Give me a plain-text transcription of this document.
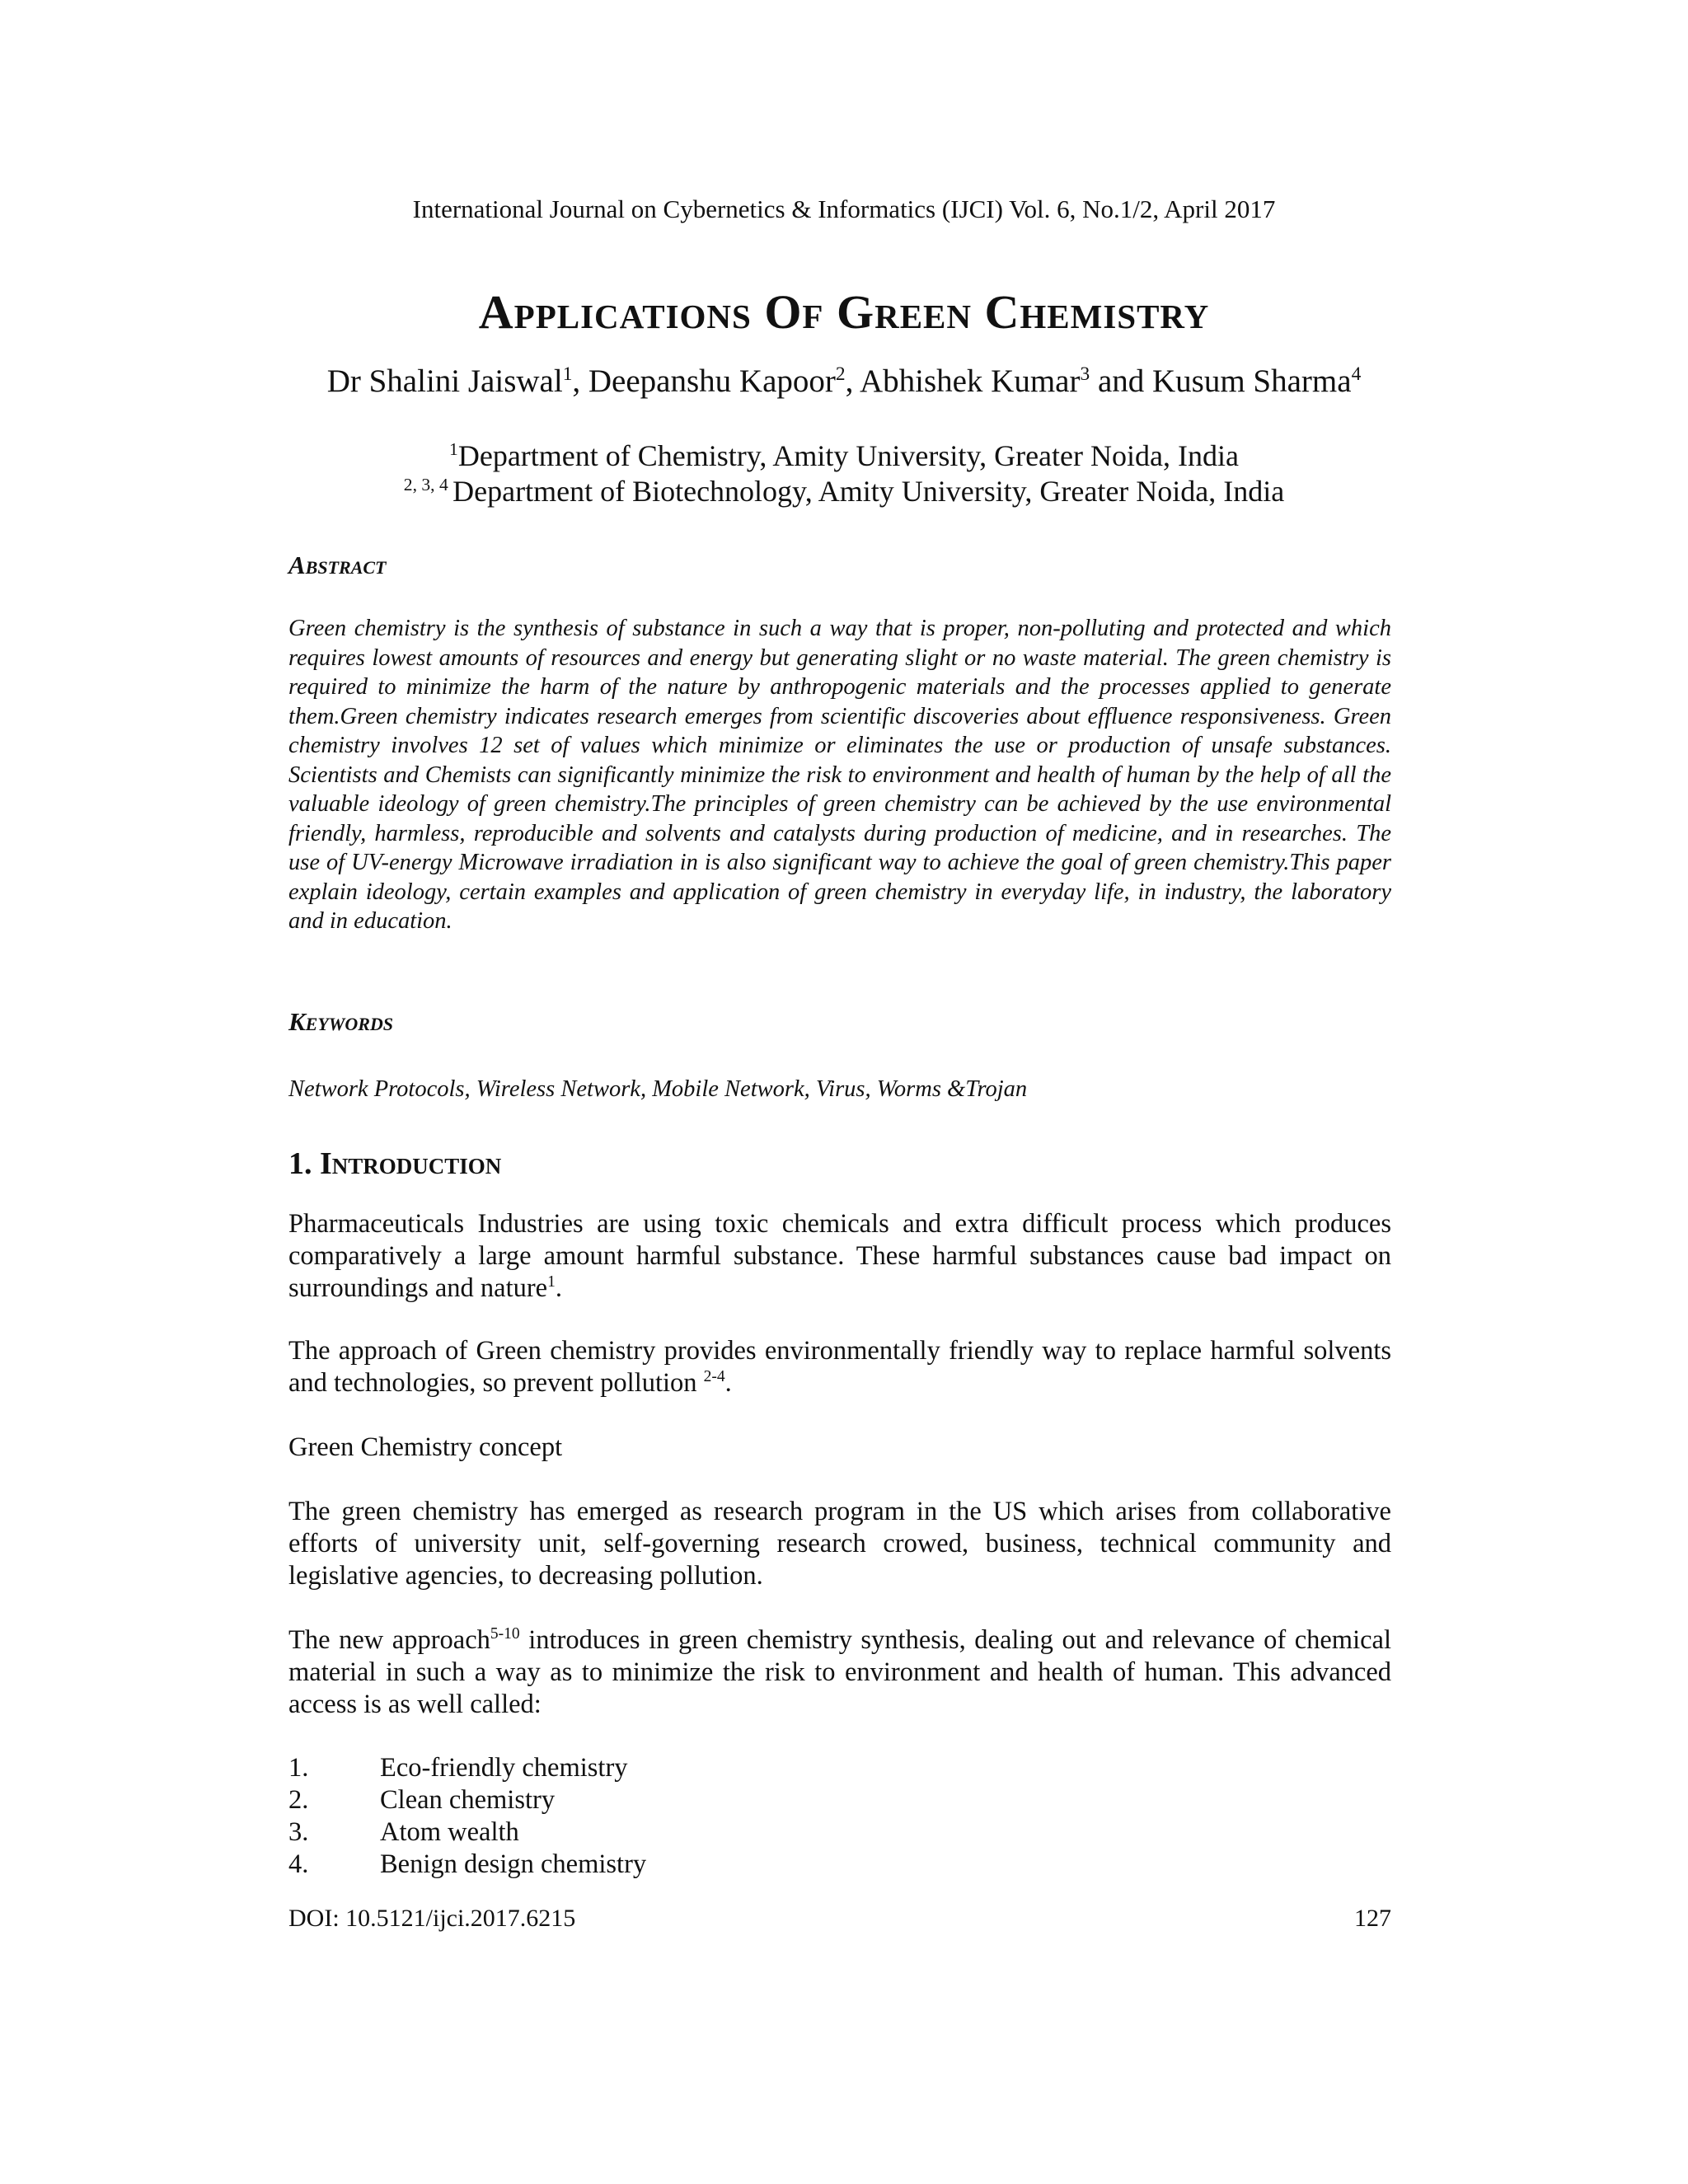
International Journal on Cybernetics & Informatics (IJCI) Vol. 6, No.1/2, April 2017
Applications Of Green Chemistry
Dr Shalini Jaiswal$^1$, Deepanshu Kapoor$^2$, Abhishek Kumar$^3$ and Kusum Sharma$^4$
$^1$Department of Chemistry, Amity University, Greater Noida, India
$^{2, 3, 4}$ Department of Biotechnology, Amity University, Greater Noida, India
Abstract
Green chemistry is the synthesis of substance in such a way that is proper, non-polluting and protected and which requires lowest amounts of resources and energy but generating slight or no waste material. The green chemistry is required to minimize the harm of the nature by anthropogenic materials and the processes applied to generate them.Green chemistry indicates research emerges from scientific discoveries about effluence responsiveness. Green chemistry involves 12 set of values which minimize or eliminates the use or production of unsafe substances. Scientists and Chemists can significantly minimize the risk to environment and health of human by the help of all the valuable ideology of green chemistry.The principles of green chemistry can be achieved by the use environmental friendly, harmless, reproducible and solvents and catalysts during production of medicine, and in researches. The use of UV-energy Microwave irradiation in is also significant way to achieve the goal of green chemistry.This paper explain ideology, certain examples and application of green chemistry in everyday life, in industry, the laboratory and in education.
Keywords
Network Protocols, Wireless Network, Mobile Network, Virus, Worms &Trojan
1. Introduction
Pharmaceuticals Industries are using toxic chemicals and extra difficult process which produces comparatively a large amount harmful substance. These harmful substances cause bad impact on surroundings and nature$^1$.
The approach of Green chemistry provides environmentally friendly way to replace harmful solvents and technologies, so prevent pollution $^{2-4}$.
Green Chemistry concept
The green chemistry has emerged as research program in the US which arises from collaborative efforts of university unit, self-governing research crowed, business, technical community and legislative agencies, to decreasing pollution.
The new approach$^{5-10}$ introduces in green chemistry synthesis, dealing out and relevance of chemical material in such a way as to minimize the risk to environment and health of human. This advanced access is as well called:
1.	Eco-friendly chemistry
2.	Clean chemistry
3.	Atom wealth
4.	Benign design chemistry
DOI: 10.5121/ijci.2017.6215	127
